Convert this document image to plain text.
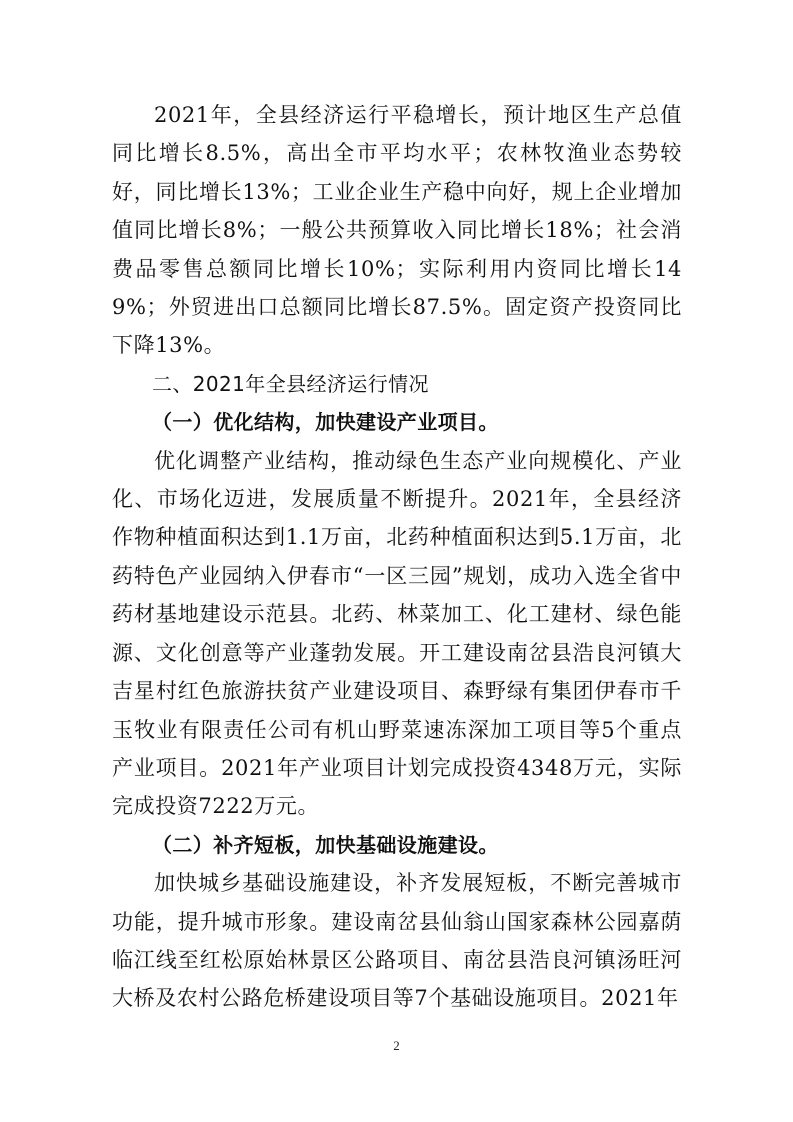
2021年，全县经济运行平稳增长，预计地区生产总值同比增长8.5%，高出全市平均水平；农林牧渔业态势较好，同比增长13%；工业企业生产稳中向好，规上企业增加值同比增长8%；一般公共预算收入同比增长18%；社会消费品零售总额同比增长10%；实际利用内资同比增长149%；外贸进出口总额同比增长87.5%。固定资产投资同比下降13%。

二、2021年全县经济运行情况

（一）优化结构，加快建设产业项目。

优化调整产业结构，推动绿色生态产业向规模化、产业化、市场化迈进，发展质量不断提升。2021年，全县经济作物种植面积达到1.1万亩，北药种植面积达到5.1万亩，北药特色产业园纳入伊春市“一区三园”规划，成功入选全省中药材基地建设示范县。北药、林菜加工、化工建材、绿色能源、文化创意等产业蓬勃发展。开工建设南岔县浩良河镇大吉星村红色旅游扶贫产业建设项目、森野绿有集团伊春市千玉牧业有限责任公司有机山野菜速冻深加工项目等5个重点产业项目。2021年产业项目计划完成投资4348万元，实际完成投资7222万元。

（二）补齐短板，加快基础设施建设。

加快城乡基础设施建设，补齐发展短板，不断完善城市功能，提升城市形象。建设南岔县仙翁山国家森林公园嘉荫临江线至红松原始林景区公路项目、南岔县浩良河镇汤旺河大桥及农村公路危桥建设项目等7个基础设施项目。2021年

2
